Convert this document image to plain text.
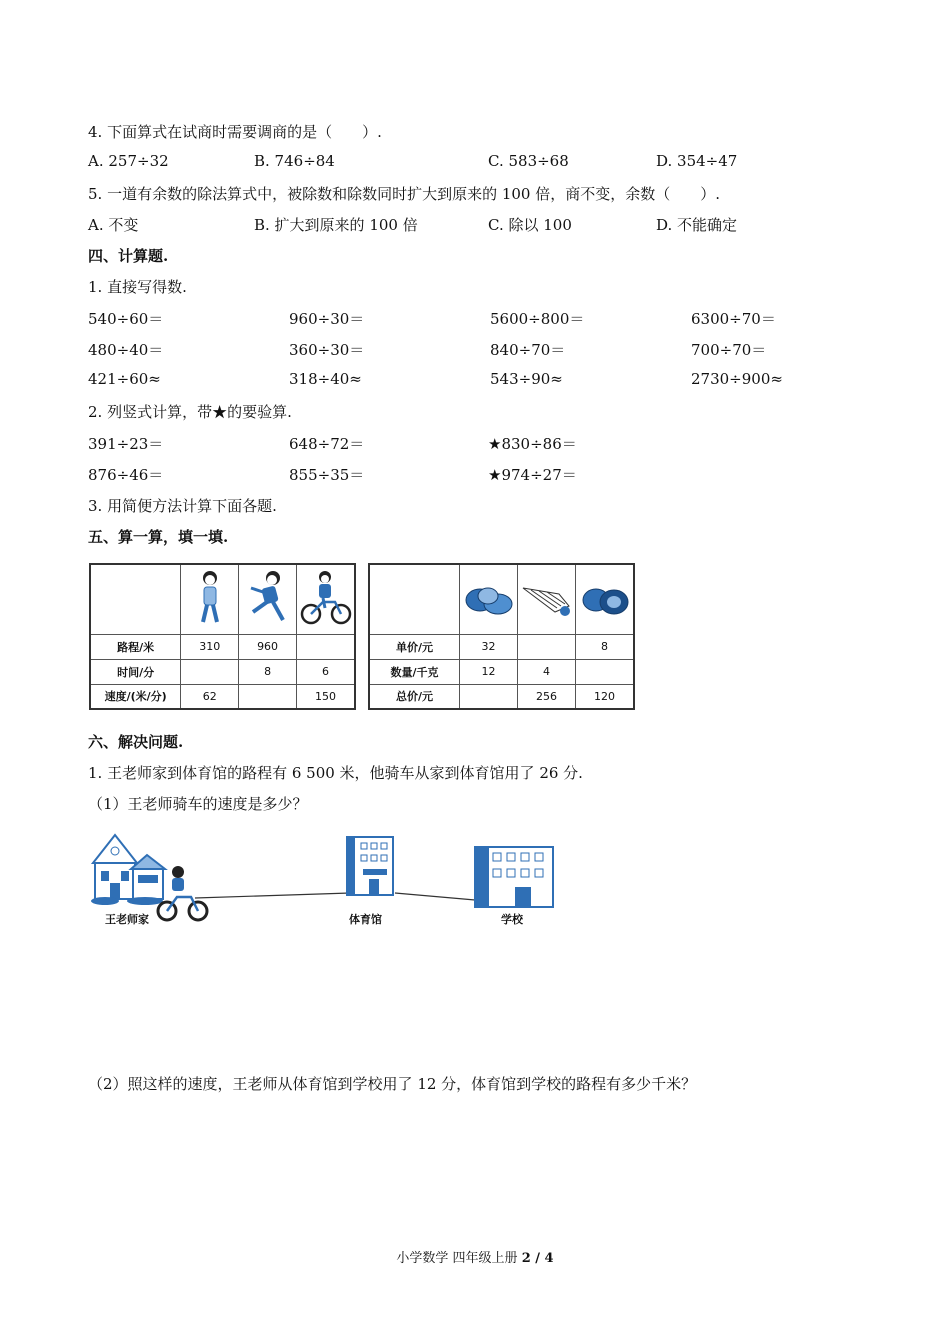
4. 下面算式在试商时需要调商的是（　　）.
A. 257÷32	B. 746÷84	C. 583÷68	D. 354÷47
5. 一道有余数的除法算式中，被除数和除数同时扩大到原来的 100 倍，商不变，余数（　　）.
A. 不变	B. 扩大到原来的 100 倍	C. 除以 100	D. 不能确定
四、计算题.
1. 直接写得数.
540÷60＝	960÷30＝	5600÷800＝	6300÷70＝
480÷40＝	360÷30＝	840÷70＝	700÷70＝
421÷60≈	318÷40≈	543÷90≈	2730÷900≈
2. 列竖式计算，带★的要验算.
391÷23＝	648÷72＝	★830÷86＝
876÷46＝	855÷35＝	★974÷27＝
3. 用简便方法计算下面各题.
五、算一算，填一填.

路程/米	310	960	
时间/分		8	6
速度/(米/分)	62		150

单价/元	32		8
数量/千克	12	4	
总价/元		256	120
六、解决问题.
1. 王老师家到体育馆的路程有 6 500 米，他骑车从家到体育馆用了 26 分.
（1）王老师骑车的速度是多少？
王老师家	体育馆	学校
（2）照这样的速度，王老师从体育馆到学校用了 12 分，体育馆到学校的路程有多少千米？
小学数学 四年级上册 2 / 4
